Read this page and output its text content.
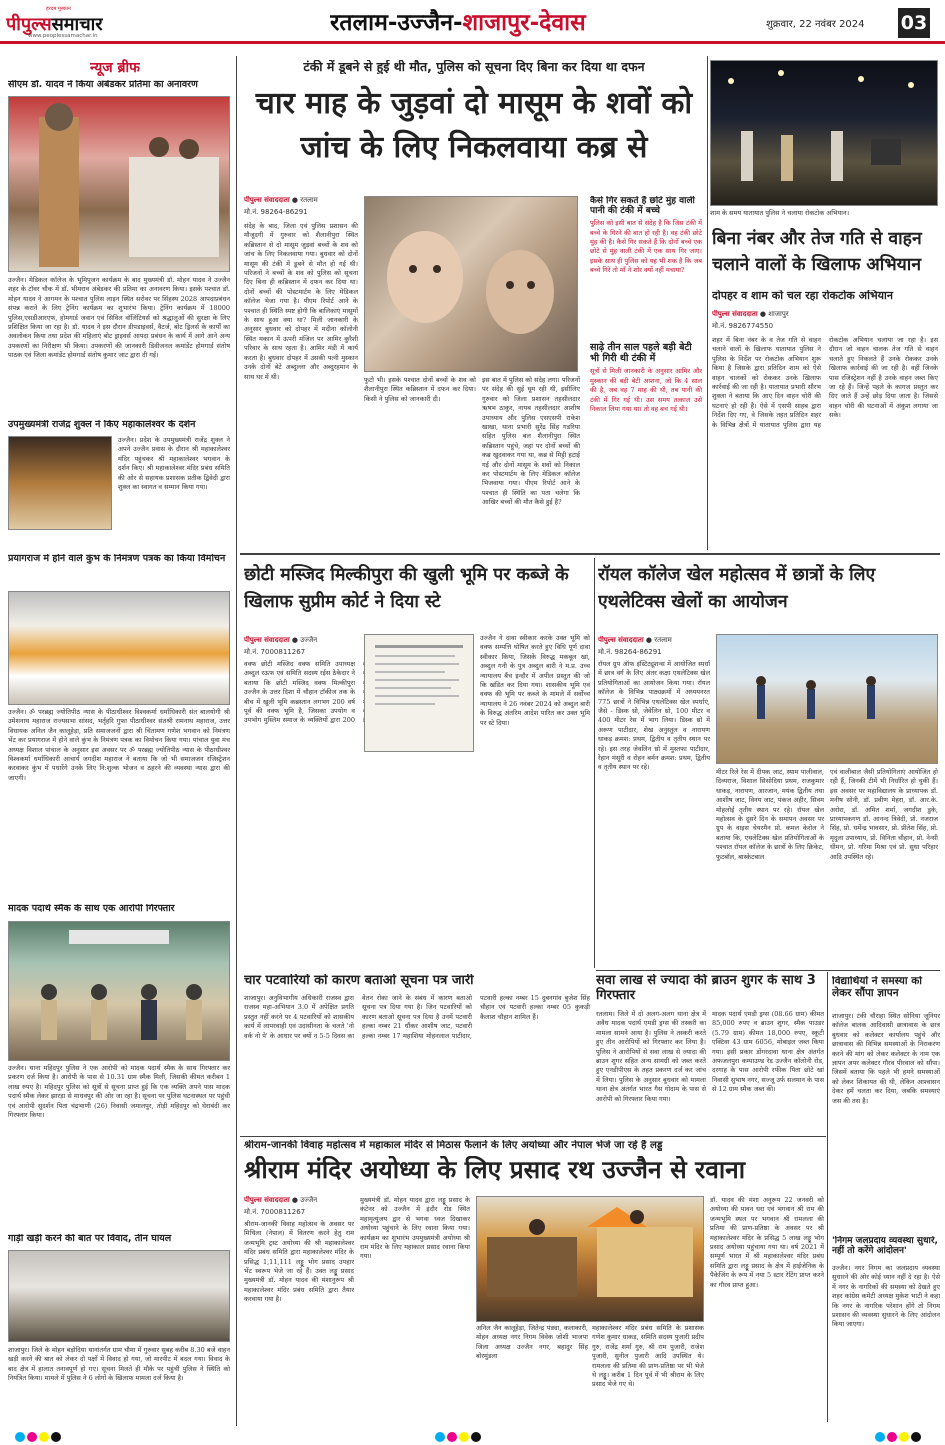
हरदम मुस्कान
पीपुल्ससमाचार
www.peoplessamachar.in	रतलाम-उज्जैन-शाजापुर-देवास	शुक्रवार, 22 नवंबर 2024 03
न्यूज ब्रीफ
सीएम डॉ. यादव ने किया अंबेडकर प्रतिमा का अनावरण
उज्जैन। मेडिकल कॉलेज के भूमिपूजन कार्यक्रम के बाद मुख्यमंत्री डॉ. मोहन यादव ने उज्जैन शहर के टॉवर चौक में डॉ. भीमराव अंबेडकर की प्रतिमा का अनावरण किया। इसके पश्चात डॉ. मोहन यादव ने आगमन के पश्चात पुलिस लाइन स्थित सरोवर पर सिंहस्थ 2028 आपदाप्रबंधन संपन्न कराने के लिए ट्रेनिंग कार्यक्रम का शुभारंभ किया। ट्रेनिंग कार्यक्रम में 18000 पुलिस,एसडीआरएफ, होमगार्ड जवान एवं सिविल वॉलिंटियर्स को श्रद्धालुओं की सुरक्षा के लिए प्रशिक्षित किया जा रहा है। डॉ. यादव ने इस दौरान डीपडाइवर्स, वैटर्ज, बोट ड्रिलर्स के कार्यों का अवलोकन किया तथा प्रदेश की महिलाएं बोट ड्राइवर्स आपदा प्रबंधन के कार्य में आगे आने अन्य उपकरणों का निरीक्षण भी किया। उपकरणों की जानकारी डिवीजनल कमांडेंट होमगार्ड संतोष पाठक एवं जिला कमांडेंट होमगार्ड संतोष कुमार जाट द्वारा दी गई।
उपमुख्यमंत्री राजेंद्र शुक्ल ने किए महाकालेश्वर के दर्शन
उज्जैन। प्रदेश के उपमुख्यमंत्री राजेंद्र शुक्ल ने अपने उज्जैन प्रवास के दौरान श्री महाकालेश्वर मंदिर पहुंचकर श्री महाकालेश्वर भगवान के दर्शन किए। श्री महाकालेश्वर मंदिर प्रबंध समिति की ओर से सहायक प्रशासक प्रतीक द्विवेदी द्वारा शुक्ल का स्वागत व सम्मान किया गया।
प्रयागराज में होने वाले कुंभ के निमंत्रण पत्रक का किया विमोचन
उज्जैन। ॐ परब्रह्म ज्योतिपीठ न्यास के पीठाधीश्वर विश्वकर्मा धर्माधिकारी संत बालयोगी श्री उमेशनाथ महाराज राज्यसभा सांसद, भर्तृहरि गुफा पीठाधीश्वर संतश्री रामनाथ महाराज, उत्तर विधायक अनिल जैन कालूहेड़ा, प्रति समाजजनों द्वारा श्री चिंतामण गणेश भगवान को निमंत्रण भेंट कर प्रयागराज में होने वाले कुंभ के निमंत्रण पत्रक का विमोचन किया गया। पांचाल युवा मंच अध्यक्ष विशाल पांचाल के अनुसार इस अवसर पर ॐ परब्रह्म ज्योतिपीठ न्यास के पीठाधीश्वर विश्वकर्मा धर्माधिकारी आचार्य जगदीश महाराज ने बताया कि जो भी समाजजन रजिस्ट्रेशन करवाकर कुंभ में पधारेंगे उनके लिए नि:शुल्क भोजन व ठहरने की व्यवस्था न्यास द्वारा की जाएगी।
मादक पदार्थ स्मैक के साथ एक आरोपी गिरफ्तार
उज्जैन। थाना महिदपुर पुलिस ने एक आरोपी को मादक पदार्थ स्मैक के साथ गिरफ्तार कर प्रकरण दर्ज किया है। आरोपी के पास से 10.31 ग्राम स्मैक मिली, जिसकी कीमत करीबन 1 लाख रुपए है। महिदपुर पुलिस को सूत्रों से सूचना प्राप्त हुई कि एक व्यक्ति अपने पास मादक पदार्थ स्मैक लेकर झारड़ा से माधवपुर की ओर जा रहा है। सूचना पर पुलिस घटनास्थल पर पहुंची एवं आरोपी सुदर्शन पिता चंद्रभाणी (26) निवासी जमालपुर, तोड़ी महिदपुर को घेराबंदी कर गिरफ्तार किया।
गाड़ी खड़ी करने की बात पर विवाद, तीन घायल
शाजापुर। जिले के मोहन बड़ोदिया थानांतर्गत ग्राम चौमा में गुरुवार सुबह करीब 8.30 बजे वाहन खड़ी करने की बात को लेकर दो पक्षों में विवाद हो गया, जो मारपीट में बदल गया। विवाद के बाद क्षेत्र में हालात तनावपूर्ण हो गए। सूचना मिलते ही मौके पर पहुंची पुलिस ने स्थिति को नियंत्रित किया। मामले में पुलिस ने 6 लोगों के खिलाफ मामला दर्ज किया है।
टंकी में डूबने से हुई थी मौत, पुलिस को सूचना दिए बिना कर दिया था दफन
चार माह के जुड़वां दो मासूम के शवों को जांच के लिए निकलवाया कब्र से
पीपुल्स संवाददाता ● रतलाम
मो.नं. 98264-86291
संदेह के बाद, जिला एवं पुलिस प्रशासन की मौजूदगी में गुरुवार को शैलानीपुरा स्थित कब्रिस्तान से दो मासूम जुड़वां बच्चों के शव को जांच के लिए निकलवाया गया। बुधवार को दोनों मासूम की टंकी में डूबने से मौत हो गई थी। परिजनों ने बच्चों के शव को पुलिस को सूचना दिए बिना ही कब्रिस्तान में दफन कर दिया था। दोनों बच्चों की पोस्टमार्टम के लिए मेडिकल कॉलेज भेजा गया है। पीएम रिपोर्ट आने के पश्चात ही स्थिति स्पष्ट होगी कि बालिकाएं मासूमों के साथ हुआ क्या था? मिली जानकारी के अनुसार बुधवार को दोपहर में मदीना कॉलोनी स्थित मकान में ऊपरी मंजिल पर आमिर कुरैशी परिवार के साथ रहता है। आमिर मंडी में कार्य करता है। बुधवार दोपहर में उसकी पत्नी मुस्कान उनके दोनों बेटे अब्दुल्ला और अब्दुरहमान के साथ घर में थी।	फुटो भी। इसके पश्चात दोनों बच्चों के शव को शैलानीपुरा स्थित कब्रिस्तान में दफन कर दिया। किसी ने पुलिस को जानकारी दी।
इस बात में पुलिस को संदेह लगा। परिजनों पर संदेह की सुई घूम रही थी, इसीलिए गुरुवार को जिला प्रशासन तहसीलदार ऋषभ ठाकुर, नायब तहसीलदार आशीष उपाध्याय और पुलिस एसएसपी राकेश खाखा, थाना प्रभारी सुरेंद्र सिंह गडरिया सहित पुलिस बल शैलानीपुरा स्थित कब्रिस्तान पहुंचे, जहां पर दोनों बच्चों की कब्र खुदवाकर गया था, कब्र से मिट्टी हटाई गई और दोनों मासूम के शवों को निकाल कर पोस्टमार्टम के लिए मेडिकल कॉलेज भिजवाया गया। पीएम रिपोर्ट आने के पश्चात ही स्थिति का पता चलेगा कि आखिर बच्चों की मौत कैसे हुई है?
कैसे गिर सकते हैं छोटे मुंह वाली पानी की टंकी में बच्चे
पुलिस को इसी बात से संदेह है कि जिस टंकी में बच्चे के गिरने की बात हो रही है। वह टंकी छोटे मुंह की है। कैसे गिर सकते हैं कि दोनों बच्चे एक छोटे से मुंह वाली टंकी में एक साथ गिर जाए। इसके साथ ही पुलिस को यह भी शक है कि जब बच्चे गिरे तो माँ ने शोर क्यों नहीं मचाया?
साढ़े तीन साल पहले बड़ी बेटी भी गिरी थी टंकी में
सूत्रों से मिली जानकारी के अनुसार आमिर और मुस्कान की बड़ी बेटी आशना, जो कि 4 साल की है, जब वह 7 माह की थी, तब पानी की टंकी में गिर गई थी। उस समय तत्काल उसे निकाल लिया गया था। तो वह बच गई थी।
शाम के समय यातायात पुलिस ने चलाया रोकटोक अभियान।
बिना नंबर और तेज गति से वाहन चलाने वालों के खिलाफ अभियान
दोपहर व शाम को चल रहा रोकटोक अभियान
पीपुल्स संवाददाता ● शाजापुर
मो.नं. 9826774550
शहर में बिना नंबर के व तेज गति से वाहन चलाने वालों के खिलाफ यातायात पुलिस ने पुलिस के निर्देश पर रोकटोक अभियान शुरू किया है जिसके द्वारा प्रतिदिन शाम को ऐसे वाहन चालकों को रोककर उनके खिलाफ कार्रवाई की जा रही है। यातायात प्रभारी सौरभ शुक्ला ने बताया कि आए दिन वाहन चोरी की घटनाएं हो रही है। ऐसे में एसपी साहब द्वारा निर्देश दिए गए, वे जिसके तहत प्रतिदिन शहर के विभिन्न क्षेत्रों में यातायात पुलिस द्वारा यह रोकटोक अभियान चलाया जा रहा है। इस दौरान जो वाहन चालक तेज गति से वाहन चलाते हुए निकलते हैं उनके रोककर उनके खिलाफ कार्रवाई की जा रही है। वहीं जिनके पास रजिस्ट्रेशन नहीं है उनके वाहन जब्त किए जा रहे हैं। जिन्हें पहले के कागज प्रस्तुत कर दिए जाते हैं उन्हें छोड़ दिया जाता है। जिससे वाहन चोरी की घटनाओं में अंकुश लगाया जा सके।
छोटी मस्जिद मिल्कीपुरा की खुली भूमि पर कब्जे के खिलाफ सुप्रीम कोर्ट ने दिया स्टे
पीपुल्स संवाददाता ● उज्जैन
मो.नं. 7000811267
वक्फ छोटी मस्जिद वक्फ समिति उपाध्यक्ष अब्दुल रऊफ एवं समिति सदस्य रईस ठेकेदार ने बताया कि छोटी मस्जिद वक्फ मिल्कीपुरा उज्जैन के उत्तर दिशा में चौहान टॉकीज तक के बीच में खुली भूमि कब्रस्तान लगभग 200 वर्ष पूर्व की वक्फ भूमि है, जिसका उपयोग व उपभोग मुस्लिम समाज के व्यक्तियों द्वारा 200
उज्जैन ने दावा स्वीकार करके उक्त भूमि को वक्फ सम्पत्ति घोषित करते हुए विधि पूर्ण दावा स्वीकार किया, जिसके विरुद्ध मकबूल खां, अब्दुल गनी के पुत्र अब्दुल बारी ने म.प्र. उच्च न्यायालय बैंच इन्दौर में अपील प्रस्तुत की जो कि खंडित कर दिया गया। शासकीय भूमि एवं वक्फ की भूमि पर कब्जे के मामले में सर्वोच्च न्यायालय ने 26 नवंबर 2024 को अब्दुल बारी के विरुद्ध अंतरिम आदेश पारित कर उक्त भूमि पर स्टे दिया।
चार पटवारियों को कारण बताओ सूचना पत्र जारी
शाजापुर। अनुविभागीय अधिकारी राजस्व द्वारा राजस्व महा-अभियान 3.0 में अपेक्षित प्रगति प्रस्तुत नहीं करने पर 4 पटवारियों को शासकीय कार्य में लापरवाही एवं उदासीनता के चलते 'नो वर्क नो पे' के आधार पर क्यों न 5-5 दिवस का वेतन रोका जाने के संबंध में कारण बताओ सूचना पत्र दिया गया है। जिन पटवारियों को कारण बताओ सूचना पत्र दिया है उनमें पटवारी हल्का नम्बर 21 धौंकर आशीष जाट, पटवारी हल्का नम्बर 17 महाशिया मोहनलाल पाटीदार, पटवारी हल्का नम्बर 15 दुबनगांव बुजेश सिंह चौहान एवं पटवारी हल्का नम्बर 05 कुकड़ी कैलाश चौहान शामिल हैं।
रॉयल कॉलेज खेल महोत्सव में छात्रों के लिए एथलेटिक्स खेलों का आयोजन
पीपुल्स संवाददाता ● रतलाम
मो.नं. 98264-86291
रॉयल ग्रुप ऑफ इंस्टिट्यूशन्स में आयोजित स्पर्धा में छात्र वर्ग के लिए अंतर कक्षा एथलेटिक्स खेल प्रतियोगिताओं का आयोजन किया गया। रॉयल कॉलेज के विभिन्न पाठ्यक्रमों में अध्ययनरत 775 छात्रों ने विभिन्न एथलेटिक्स खेल स्पर्धाएं, जैसे - डिस्क थ्रो, जेवेलिन थ्रो, 100 मीटर व 400 मीटर रेस में भाग लिया। डिस्क थ्रो में अरूण पाटीदार, शेख अनुस्तुल व नारायण धाकड़ क्रमश: प्रथम, द्वितीय व तृतीय स्थान पर रहे। इस तरह जेवलिन थ्रो में मुस्तफा पाटीदार, रेहान मंसूरी व रोहन बर्मन क्रमश: प्रथम, द्वितीय व तृतीय स्थान पर रहे।
मीटर रिले रेस में दीपक जाट, स्याम पालीवाल, दिव्यराज, विशाल सिसोदिया प्रथम, राजकुमार धाकड़, नारायण, आरजान, मयंक द्वितीय तथा आशीष जाट, विनय जाट, पंकज अहीर, सिवम मोहलोई तृतीय स्थान पर रहे। रॉयल खेल महोत्सव के दूसरे दिन के समापन अवसर पर ग्रुप के वाइस चेयरमैन प्रो. कमल केरोल ने बताया कि, एथलेटिक्स खेल प्रतियोगिताओं के पश्चात रॉयल कॉलेज के छात्रों के लिए क्रिकेट, फुटबॉल, बास्केटबाल
एवं वालीबाल जैसी प्रतियोगिताएं आयोजित हो रही हैं, जिनकी टीमें भी निर्धारित हो चुकी हैं। इस अवसर पर महाविद्यालय के प्राध्यापक डॉ. मनीष सोनी, डॉ. प्रवीण मेहरा, डॉ. आर.के. अरोरा, डॉ. अमित शर्मा, जगदीश डुके, प्राध्यापकगण डॉ. आनन्द त्रिवेदी, प्रो. नजराज सिंह, प्रो. धर्मेन्द्र भावसार, प्रो. प्रीतेश सिंह, प्रो. मृदुला उपाध्याय, प्रो. विनिता चौहान, प्रो. नेन्सी धीमन, प्रो. गरिमा मिश्रा एवं प्रो. सुधा परिहार आदि उपस्थित रहे।
सवा लाख से ज्यादा की ब्राउन शुगर के साथ 3 गिरफ्तार
रतलाम। जिले में दो अलग-अलग थाना क्षेत्र में अवैध मादक पदार्थ एमडी ड्रग्स की तस्करी का मामला सामने आया है। पुलिस ने तस्करी करते हुए तीन आरोपियों को गिरफ्तार कर लिया है। पुलिस ने आरोपियों से सवा लाख से ज्यादा की ब्राउन शुगर सहित अन्य सामग्री को जब्त करते हुए एनडीपीएस के तहत प्रकरण दर्ज कर जांच में लिया। पुलिस के अनुसार बुधवार को मामला थाना क्षेत्र अंतर्गत भारत गैस गोदाम के पास से आरोपी को गिरफ्तार किया गया।
मादक पदार्थ एमडी ड्रग्स (08.66 ग्राम) कीमत 85,000 रुपए व ब्राउन शुगर, स्मैक पाउडर (5.79 ग्राम) कीमत 18,000 रुपए, स्कूटी एक्टिवा 43 ग्राम 6056, मोबाइल जब्त किया गया। इसी प्रकार डोंगरदावा थाना क्षेत्र अंतर्गत अफजलपुरा कम्पाउण्ड रेड उज्जैन कॉलोनी रोड, दरगाह के पास आरोपी रफीक पिता छोटे खां निवासी सुभाष नगर, सज्जू उर्फ सलमान के पास से 12 ग्राम स्मैक जब्त की।
विद्यार्थियों ने समस्या को लेकर सौंपा ज्ञापन
शाजापुर। टंकी चौराहा स्थित सोनिया जूनियर कॉलेज बालक आदिवासी छात्रावास के छात्र बुधवार को कलेक्टर कार्यालय पहुंचे और छात्रावास की विभिन्न समस्याओं के निराकरण करने की मांग को लेकर कलेक्टर के नाम एक ज्ञापन अपर कलेक्टर गौरव पीरवाल को सौंपा। जिसमें बताया कि पहले भी हमने समस्याओं को लेकर शिकायत की थी, लेकिन आश्वासन देकर हमें चलता कर दिया, जबकि समस्याएं जस की तस है।
'निगम जलप्रदाय व्यवस्था सुधारे, नहीं तो करेंगे आंदोलन'
उज्जैन। नगर निगम का जलप्रदाय व्यवस्था सुधारने की ओर कोई ध्यान नहीं दे रहा है। ऐसे में नगर के नागरिकों की समस्या को देखते हुए शहर कांग्रेस कमेटी अध्यक्ष मुकेश भाटी ने कहा कि नगर के नागरिक परेशान होंगे तो निगम प्रशासन की व्यवस्था सुधारने के लिए आंदोलन किया जाएगा।
श्रीराम-जानकी विवाह महोत्सव में महाकाल मंदिर से मिठास फैलाने के लिए अयोध्या और नेपाल भेजे जा रहे हैं लड्डू
श्रीराम मंदिर अयोध्या के लिए प्रसाद रथ उज्जैन से रवाना
पीपुल्स संवाददाता ● उज्जैन
मो.नं. 7000811267
श्रीराम-जानकी विवाह महोत्सव के अवसर पर मिथिला (नेपाल) में वितरण करने हेतु राम जन्मभूमि ट्रस्ट अयोध्या की श्री महाकालेश्वर मंदिर प्रबंध समिति द्वारा महाकालेश्वर मंदिर के प्रसिद्ध 1,11,111 लड्डू भोग प्रसाद उपहार भेंट स्वरूप भेजे जा रहे हैं। उक्त लड्डू प्रसाद मुख्यमंत्री डॉ. मोहन यादव की मंशानुरूप श्री महाकालेश्वर मंदिर प्रबंध समिति द्वारा तैयार करवाया गया है।
मुख्यमंत्री डॉ. मोहन यादव द्वारा लड्डू प्रसाद के कंटेनर को उज्जैन में इंदौर रोड स्थित महामृत्युंजय द्वार से भगवा ध्वज दिखाकर अयोध्या पहुंचाने के लिए रवाना किया गया। कार्यक्रम का शुभारंभ उपमुख्यमंत्री अयोध्या श्री राम मंदिर के लिए महाकाल प्रसाद रवाना किया गया।
अनिल जैन कालूहेड़ा, जितेन्द्र पंड्या, कलाकारी, मोहन अध्यक्ष नगर निगम विवेक जोशी भाजपा जिला अध्यक्ष उज्जैन नगर, बहादुर सिंह बोरमुंडला
महाकालेश्वर मंदिर प्रबंध समिति के प्रशासक गणेश कुमार धाकड़, समिति सदस्य पुजारी प्रदीप गुरु, राजेंद्र शर्मा गुरु, श्री राम पुजारी, राजेश पुजारी, सुनील पुजारी आदि उपस्थित थे। रामलला की प्रतिमा की प्राण-प्रतिष्ठा पर भी भेजे थे लड्डू। करीब 1 दिन पूर्व में भी श्रीराम के लिए प्रसाद भेजे गए थे।
डॉ. यादव की मंशा अनुरूप 22 जनवरी को अयोध्या की पावन धरा एवं भगवान श्री राम की जन्मभूमि स्थल पर भगवान श्री रामलला की प्रतिमा की प्राण-प्रतिष्ठा के अवसर पर श्री महाकालेश्वर मंदिर के प्रसिद्ध 5 लाख लड्डू भोग प्रसाद अयोध्या पहुंचाया गया था। वर्ष 2021 में सम्पूर्ण भारत में श्री महाकालेश्वर मंदिर प्रबंध समिति द्वारा लड्डू प्रसाद के क्षेत्र में हाईजेनिक के पैकेजिंग के रूप में नया 5 स्टार रेटिंग प्राप्त करने का गौरव प्राप्त हुआ।
